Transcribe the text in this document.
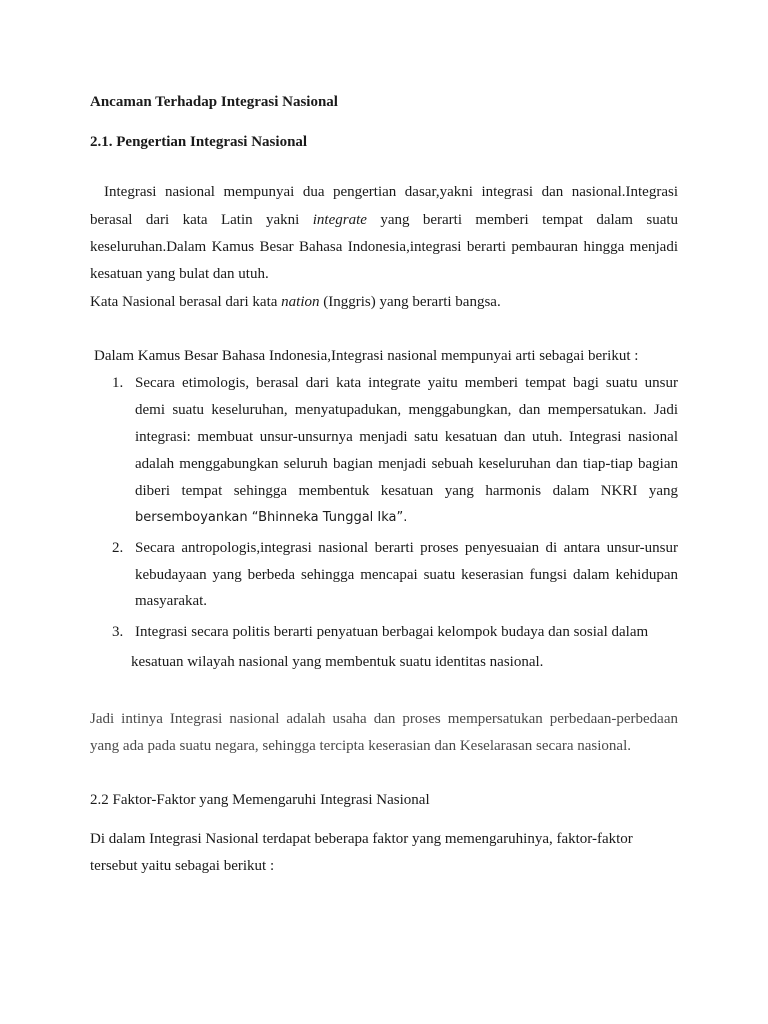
Ancaman Terhadap Integrasi Nasional
2.1. Pengertian Integrasi Nasional
Integrasi nasional mempunyai dua pengertian dasar,yakni integrasi dan nasional.Integrasi
berasal dari kata Latin yakni integrate yang berarti memberi tempat dalam suatu
keseluruhan.Dalam Kamus Besar Bahasa Indonesia,integrasi berarti pembauran hingga menjadi
kesatuan yang bulat dan utuh.
Kata Nasional berasal dari kata nation (Inggris) yang berarti bangsa.
Dalam Kamus Besar Bahasa Indonesia,Integrasi nasional mempunyai arti sebagai berikut :
1. Secara etimologis, berasal dari kata integrate yaitu memberi tempat bagi suatu unsur
demi suatu keseluruhan, menyatupadukan, menggabungkan, dan mempersatukan. Jadi
integrasi: membuat unsur-unsurnya menjadi satu kesatuan dan utuh. Integrasi nasional
adalah menggabungkan seluruh bagian menjadi sebuah keseluruhan dan tiap-tiap bagian
diberi tempat sehingga membentuk kesatuan yang harmonis dalam NKRI yang
bersemboyankan “Bhinneka Tunggal Ika”.
2. Secara antropologis,integrasi nasional berarti proses penyesuaian di antara unsur-unsur
kebudayaan yang berbeda sehingga mencapai suatu keserasian fungsi dalam kehidupan
masyarakat.
3. Integrasi secara politis berarti penyatuan berbagai kelompok budaya dan sosial dalam
kesatuan wilayah nasional yang membentuk suatu identitas nasional.
Jadi intinya Integrasi nasional adalah usaha dan proses mempersatukan perbedaan-perbedaan
yang ada pada suatu negara, sehingga tercipta keserasian dan Keselarasan secara nasional.
2.2 Faktor-Faktor yang Memengaruhi Integrasi Nasional
Di dalam Integrasi Nasional terdapat beberapa faktor yang memengaruhinya, faktor-faktor
tersebut yaitu sebagai berikut :
